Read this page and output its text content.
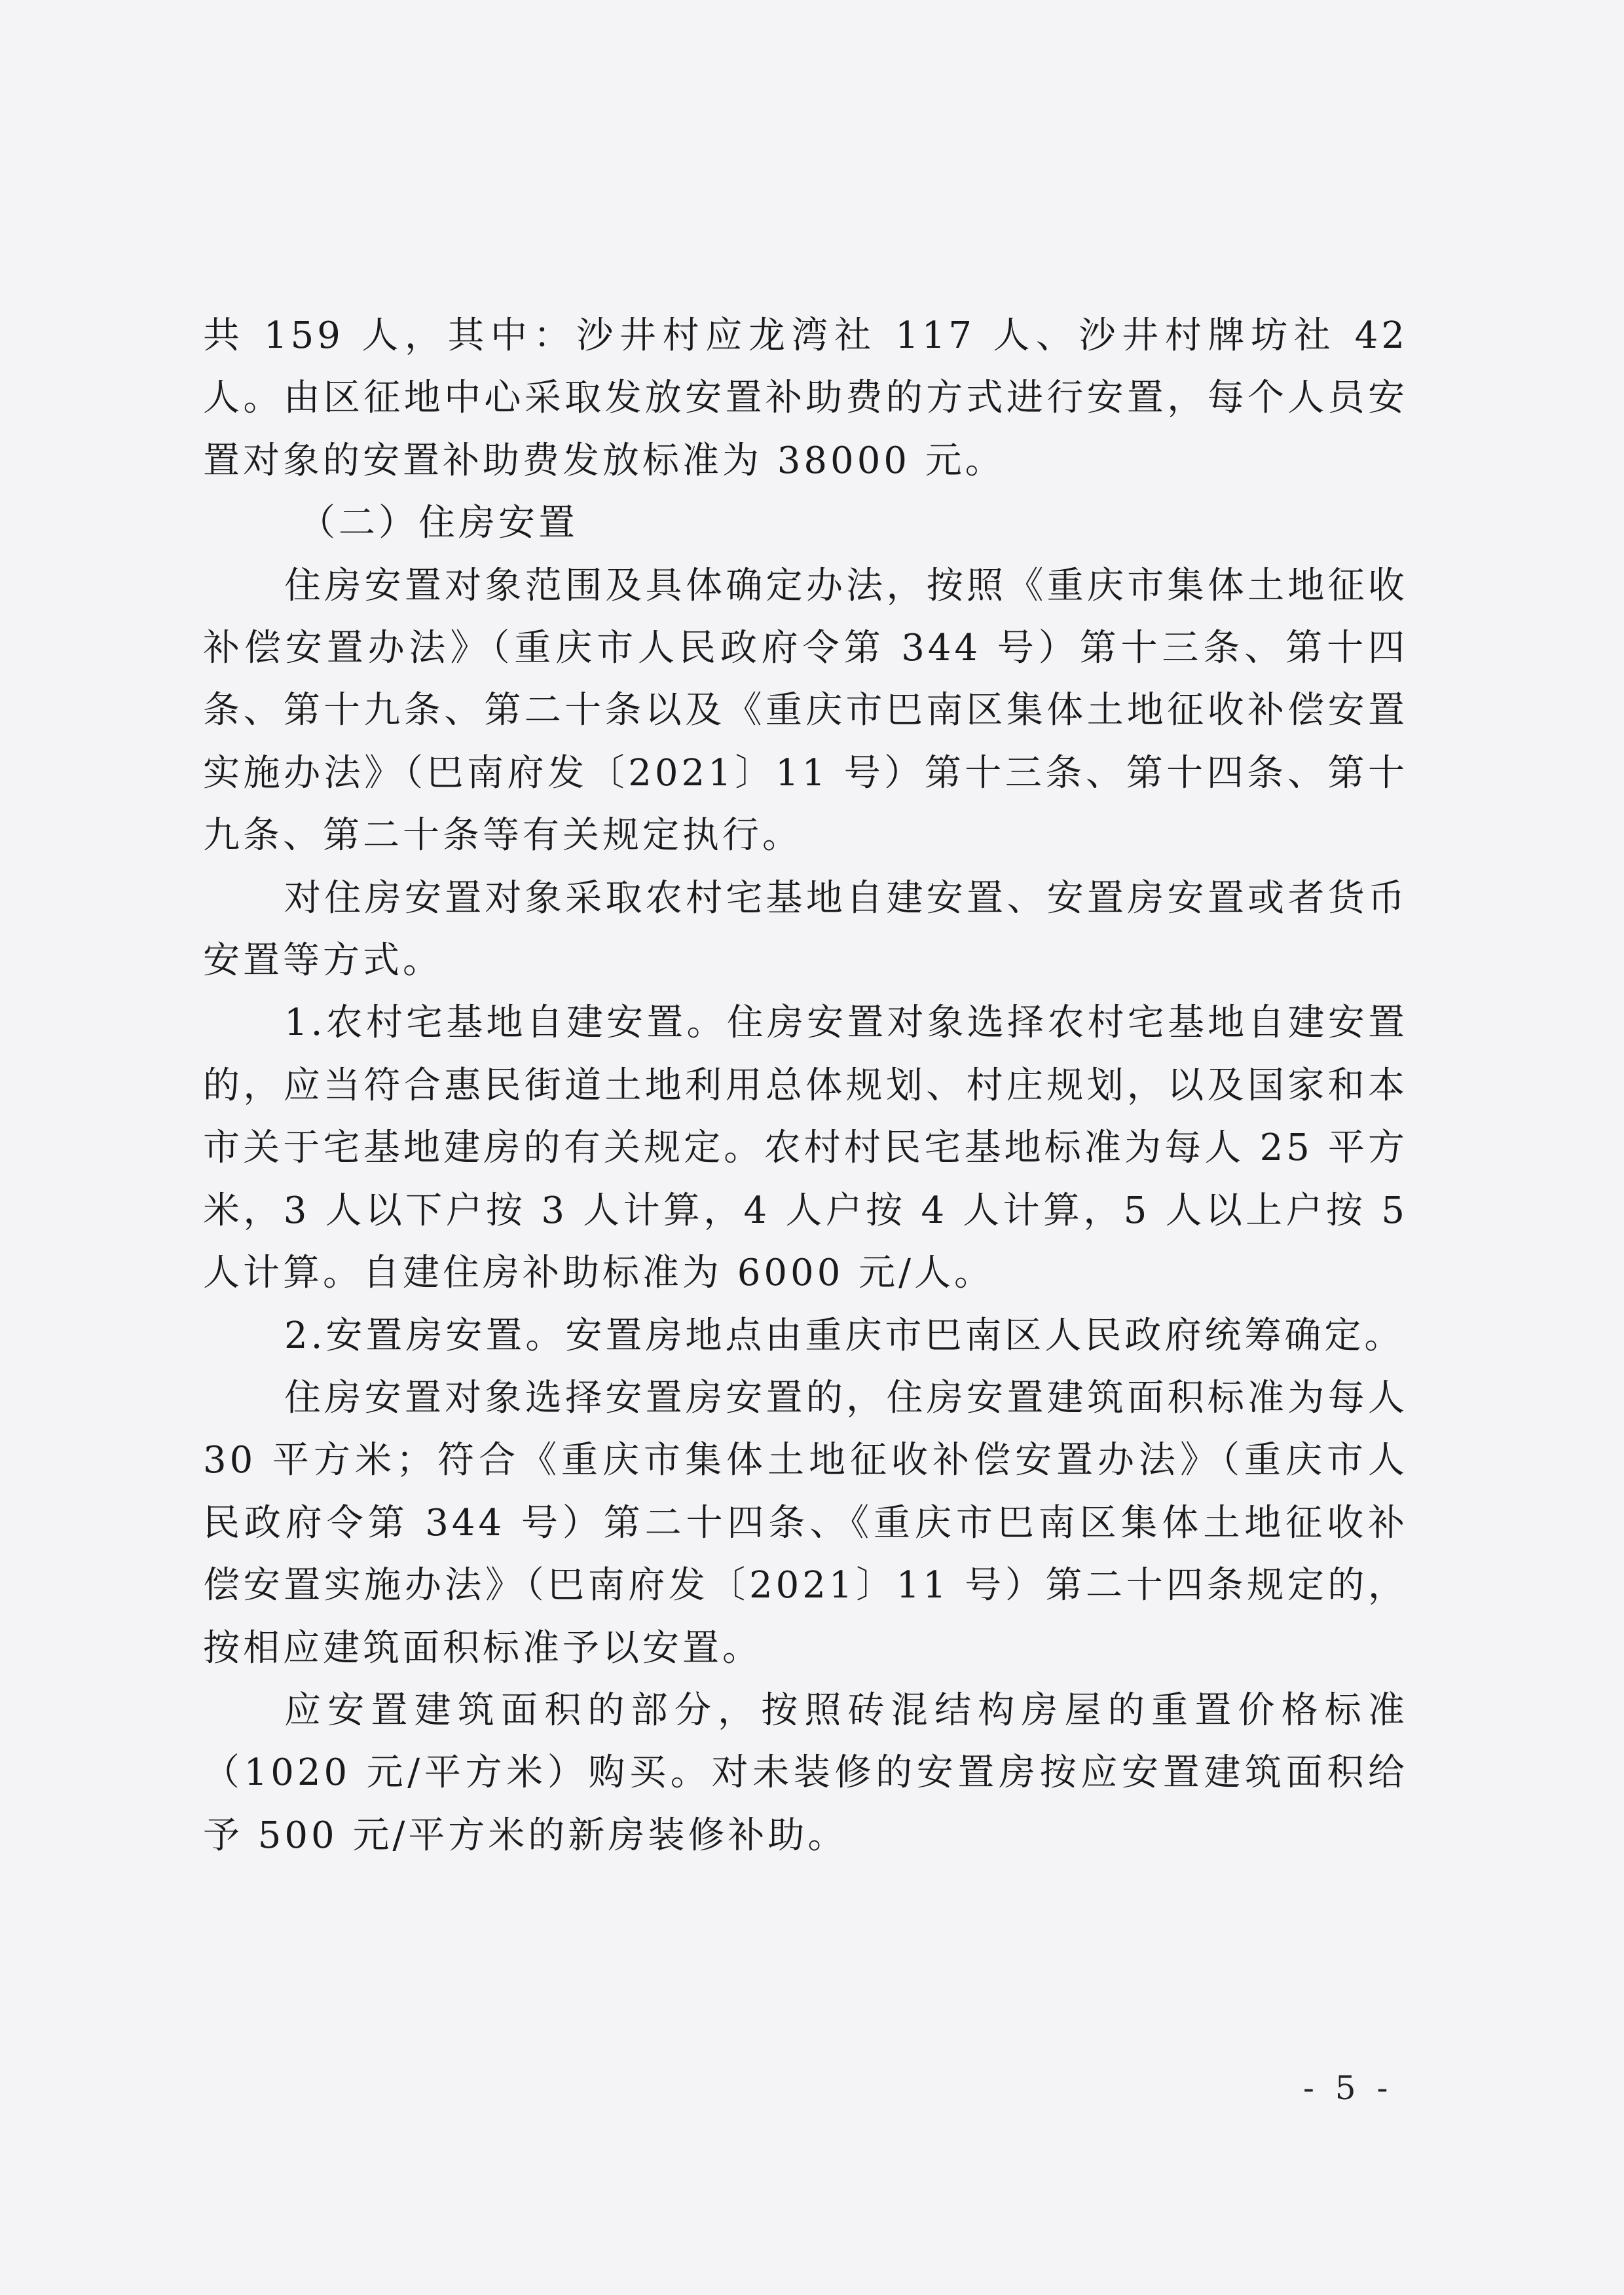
共 159 人，其中：沙井村应龙湾社 117 人、沙井村牌坊社 42 人。由区征地中心采取发放安置补助费的方式进行安置，每个人员安置对象的安置补助费发放标准为 38000 元。

（二）住房安置

住房安置对象范围及具体确定办法，按照《重庆市集体土地征收补偿安置办法》（重庆市人民政府令第 344 号）第十三条、第十四条、第十九条、第二十条以及《重庆市巴南区集体土地征收补偿安置实施办法》（巴南府发〔2021〕11 号）第十三条、第十四条、第十九条、第二十条等有关规定执行。

对住房安置对象采取农村宅基地自建安置、安置房安置或者货币安置等方式。

1.农村宅基地自建安置。住房安置对象选择农村宅基地自建安置的，应当符合惠民街道土地利用总体规划、村庄规划，以及国家和本市关于宅基地建房的有关规定。农村村民宅基地标准为每人 25 平方米，3 人以下户按 3 人计算，4 人户按 4 人计算，5 人以上户按 5 人计算。自建住房补助标准为 6000 元/人。

2.安置房安置。安置房地点由重庆市巴南区人民政府统筹确定。

住房安置对象选择安置房安置的，住房安置建筑面积标准为每人 30 平方米；符合《重庆市集体土地征收补偿安置办法》（重庆市人民政府令第 344 号）第二十四条、《重庆市巴南区集体土地征收补偿安置实施办法》（巴南府发〔2021〕11 号）第二十四条规定的，按相应建筑面积标准予以安置。

应安置建筑面积的部分，按照砖混结构房屋的重置价格标准（1020 元/平方米）购买。对未装修的安置房按应安置建筑面积给予 500 元/平方米的新房装修补助。

- 5 -
